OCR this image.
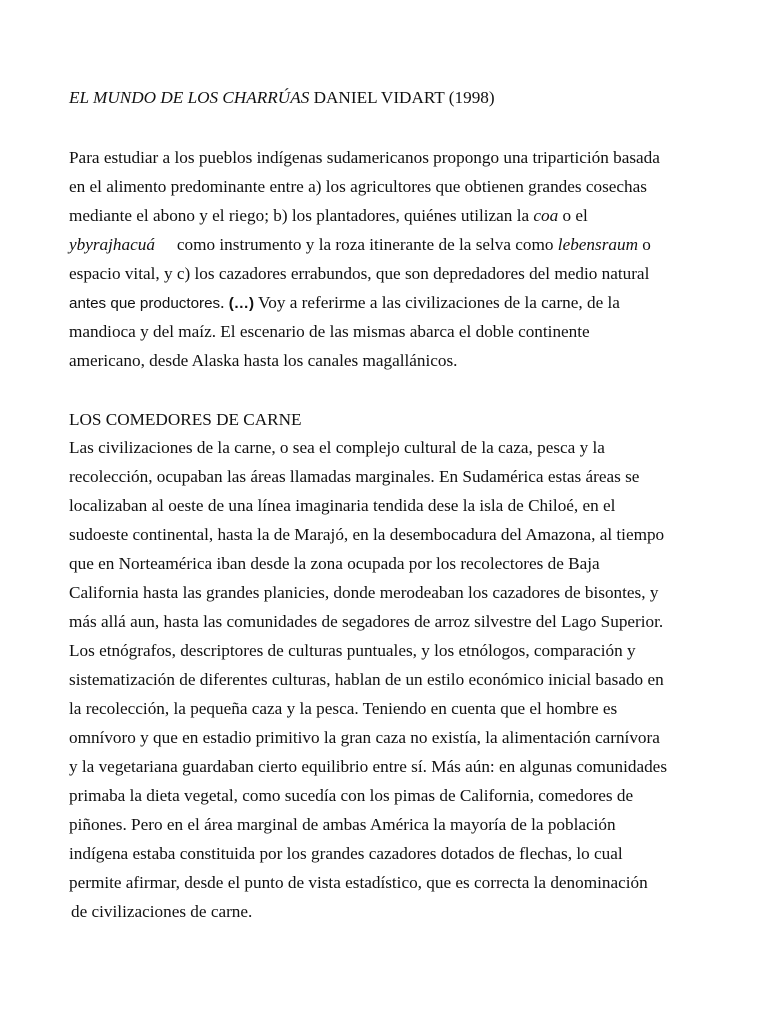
EL MUNDO DE LOS CHARRÚAS DANIEL VIDART (1998)

Para estudiar a los pueblos indígenas sudamericanos propongo una tripartición basada

en el alimento predominante entre a) los agricultores que obtienen grandes cosechas

mediante el abono y el riego; b) los plantadores, quiénes utilizan la coa o el

ybyrajhacuá como instrumento y la roza itinerante de la selva como lebensraum o

espacio vital, y c) los cazadores errabundos, que son depredadores del medio natural

antes que productores. (…) Voy a referirme a las civilizaciones de la carne, de la

mandioca y del maíz. El escenario de las mismas abarca el doble continente

americano, desde Alaska hasta los canales magallánicos.

LOS COMEDORES DE CARNE

Las civilizaciones de la carne, o sea el complejo cultural de la caza, pesca y la

recolección, ocupaban las áreas llamadas marginales. En Sudamérica estas áreas se

localizaban al oeste de una línea imaginaria tendida dese la isla de Chiloé, en el

sudoeste continental, hasta la de Marajó, en la desembocadura del Amazona, al tiempo

que en Norteamérica iban desde la zona ocupada por los recolectores de Baja

California hasta las grandes planicies, donde merodeaban los cazadores de bisontes, y

más allá aun, hasta las comunidades de segadores de arroz silvestre del Lago Superior.

Los etnógrafos, descriptores de culturas puntuales, y los etnólogos, comparación y

sistematización de diferentes culturas, hablan de un estilo económico inicial basado en

la recolección, la pequeña caza y la pesca. Teniendo en cuenta que el hombre es

omnívoro y que en estadio primitivo la gran caza no existía, la alimentación carnívora

y la vegetariana guardaban cierto equilibrio entre sí. Más aún: en algunas comunidades

primaba la dieta vegetal, como sucedía con los pimas de California, comedores de

piñones. Pero en el área marginal de ambas América la mayoría de la población

indígena estaba constituida por los grandes cazadores dotados de flechas, lo cual

permite afirmar, desde el punto de vista estadístico, que es correcta la denominación

de civilizaciones de carne.
